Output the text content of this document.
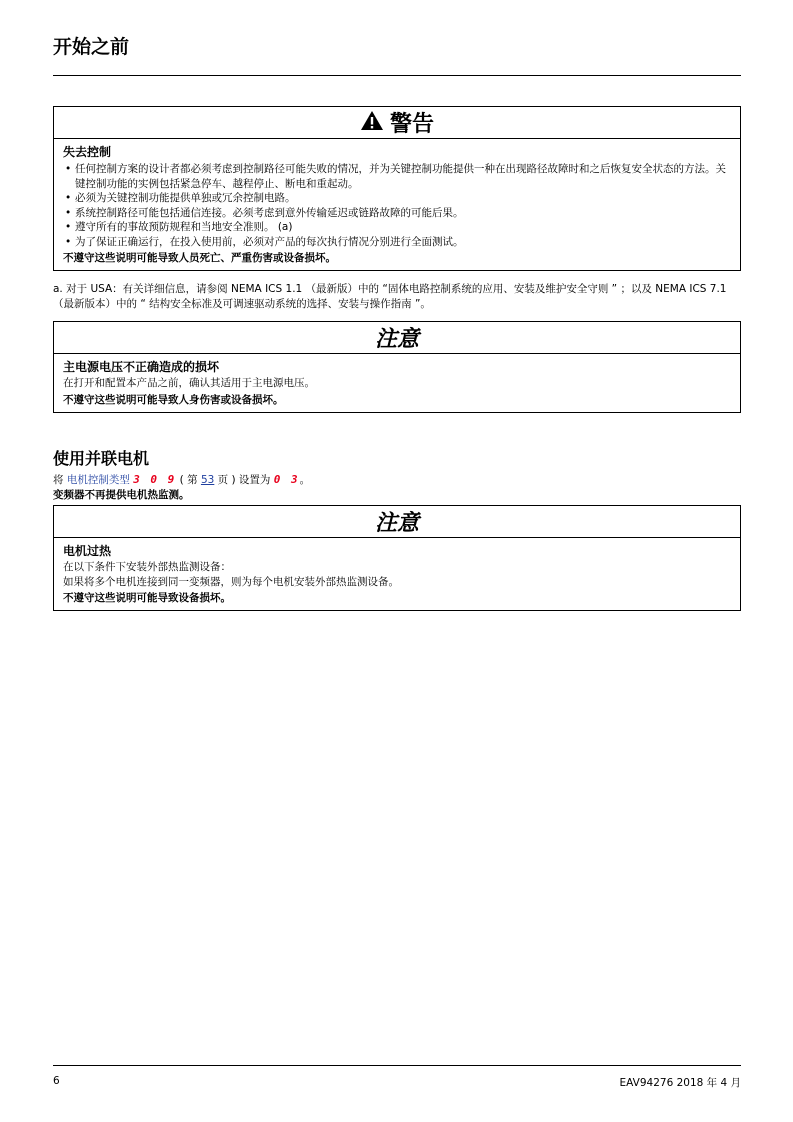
开始之前
警告
失去控制
• 任何控制方案的设计者都必须考虑到控制路径可能失败的情况，并为关键控制功能提供一种在出现路径故障时和之后恢复安全状态的方法。关键控制功能的实例包括紧急停车、越程停止、断电和重起动。
• 必须为关键控制功能提供单独或冗余控制电路。
• 系统控制路径可能包括通信连接。必须考虑到意外传输延迟或链路故障的可能后果。
• 遵守所有的事故预防规程和当地安全准则。 (a)
• 为了保证正确运行，在投入使用前，必须对产品的每次执行情况分别进行全面测试。
不遵守这些说明可能导致人员死亡、严重伤害或设备损坏。
a. 对于 USA：有关详细信息，请参阅 NEMA ICS 1.1 （最新版）中的 “固体电路控制系统的应用、安装及维护安全守则 ” ；以及 NEMA ICS 7.1 （最新版本）中的 “ 结构安全标准及可调速驱动系统的选择、安装与操作指南 ”。
注意
主电源电压不正确造成的损坏
在打开和配置本产品之前，确认其适用于主电源电压。
不遵守这些说明可能导致人身伤害或设备损坏。
使用并联电机
将 电机控制类型 3 0 9 ( 第 53 页 ) 设置为 0 3。
变频器不再提供电机热监测。
注意
电机过热
在以下条件下安装外部热监测设备：
如果将多个电机连接到同一变频器，则为每个电机安装外部热监测设备。
不遵守这些说明可能导致设备损坏。
6	EAV94276 2018 年 4 月
